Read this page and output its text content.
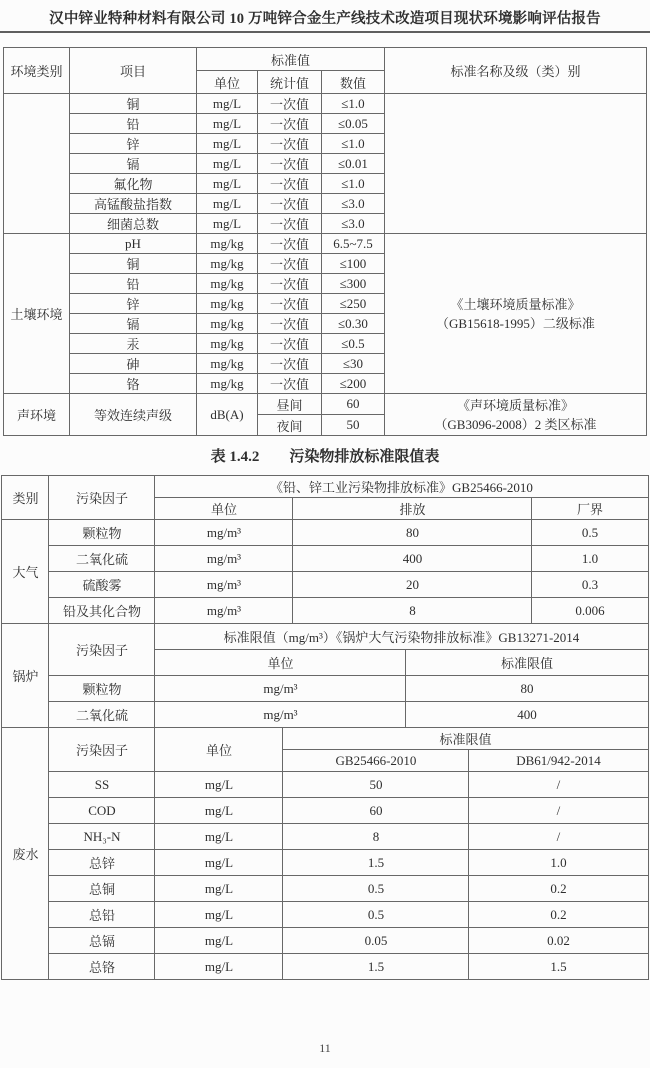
汉中锌业特种材料有限公司 10 万吨锌合金生产线技术改造项目现状环境影响评估报告
环境类别	项目	标准值			标准名称及级（类）别
		单位	统计值	数值	
	铜	mg/L	一次值	≤1.0	

	铅	mg/L	一次值	≤0.05	
	锌	mg/L	一次值	≤1.0	
	镉	mg/L	一次值	≤0.01	
	氟化物	mg/L	一次值	≤1.0	
	高锰酸盐指数	mg/L	一次值	≤3.0	
	细菌总数	mg/L	一次值	≤3.0	
土壤环境	pH	mg/kg	一次值	6.5~7.5	《土壤环境质量标准》
（GB15618-1995）二级标准

	铜	mg/kg	一次值	≤100	
	铅	mg/kg	一次值	≤300	
	锌	mg/kg	一次值	≤250	
	镉	mg/kg	一次值	≤0.30	
	汞	mg/kg	一次值	≤0.5	
	砷	mg/kg	一次值	≤30	
	铬	mg/kg	一次值	≤200	
声环境	等效连续声级	dB(A)	昼间	60	《声环境质量标准》
（GB3096-2008）2 类区标准

			夜间	50	
表 1.4.2　　污染物排放标准限值表
类别	污染因子	《铅、锌工业污染物排放标准》GB25466-2010					
		单位		排放			厂界
大气	颗粒物	mg/m³		80			0.5
	二氧化硫	mg/m³		400			1.0
	硫酸雾	mg/m³		20			0.3
	铅及其化合物	mg/m³		8			0.006
锅炉	污染因子	标准限值（mg/m³）《锅炉大气污染物排放标准》GB13271-2014					
		单位			标准限值		
	颗粒物	mg/m³			80		
	二氧化硫	mg/m³			400		
废水	污染因子	单位	标准限值				
			GB25466-2010			DB61/942-2014	
	SS	mg/L	50			/	
	COD	mg/L	60			/	
	NH₃-N	mg/L	8			/	
	总锌	mg/L	1.5			1.0	
	总铜	mg/L	0.5			0.2	
	总铅	mg/L	0.5			0.2	
	总镉	mg/L	0.05			0.02	
	总铬	mg/L	1.5			1.5	
11
